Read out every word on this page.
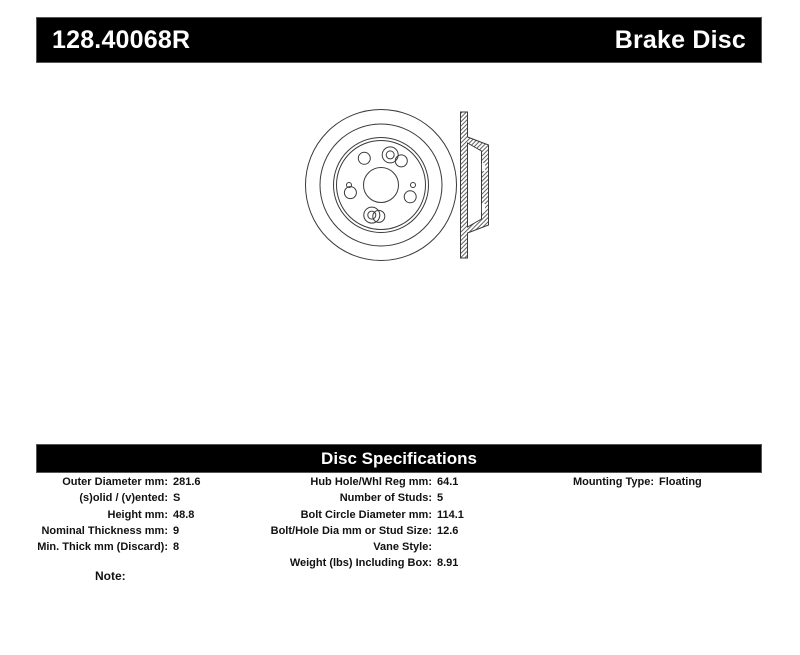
128.40068R	Brake Disc
Disc Specifications
Outer Diameter mm: 281.6
(s)olid / (v)ented: S
Height mm: 48.8
Nominal Thickness mm: 9
Min. Thick mm (Discard): 8
Hub Hole/Whl Reg mm: 64.1
Number of Studs: 5
Bolt Circle Diameter mm: 114.1
Bolt/Hole Dia mm or Stud Size: 12.6
Vane Style:
Weight (lbs) Including Box: 8.91
Mounting Type: Floating
Note:
